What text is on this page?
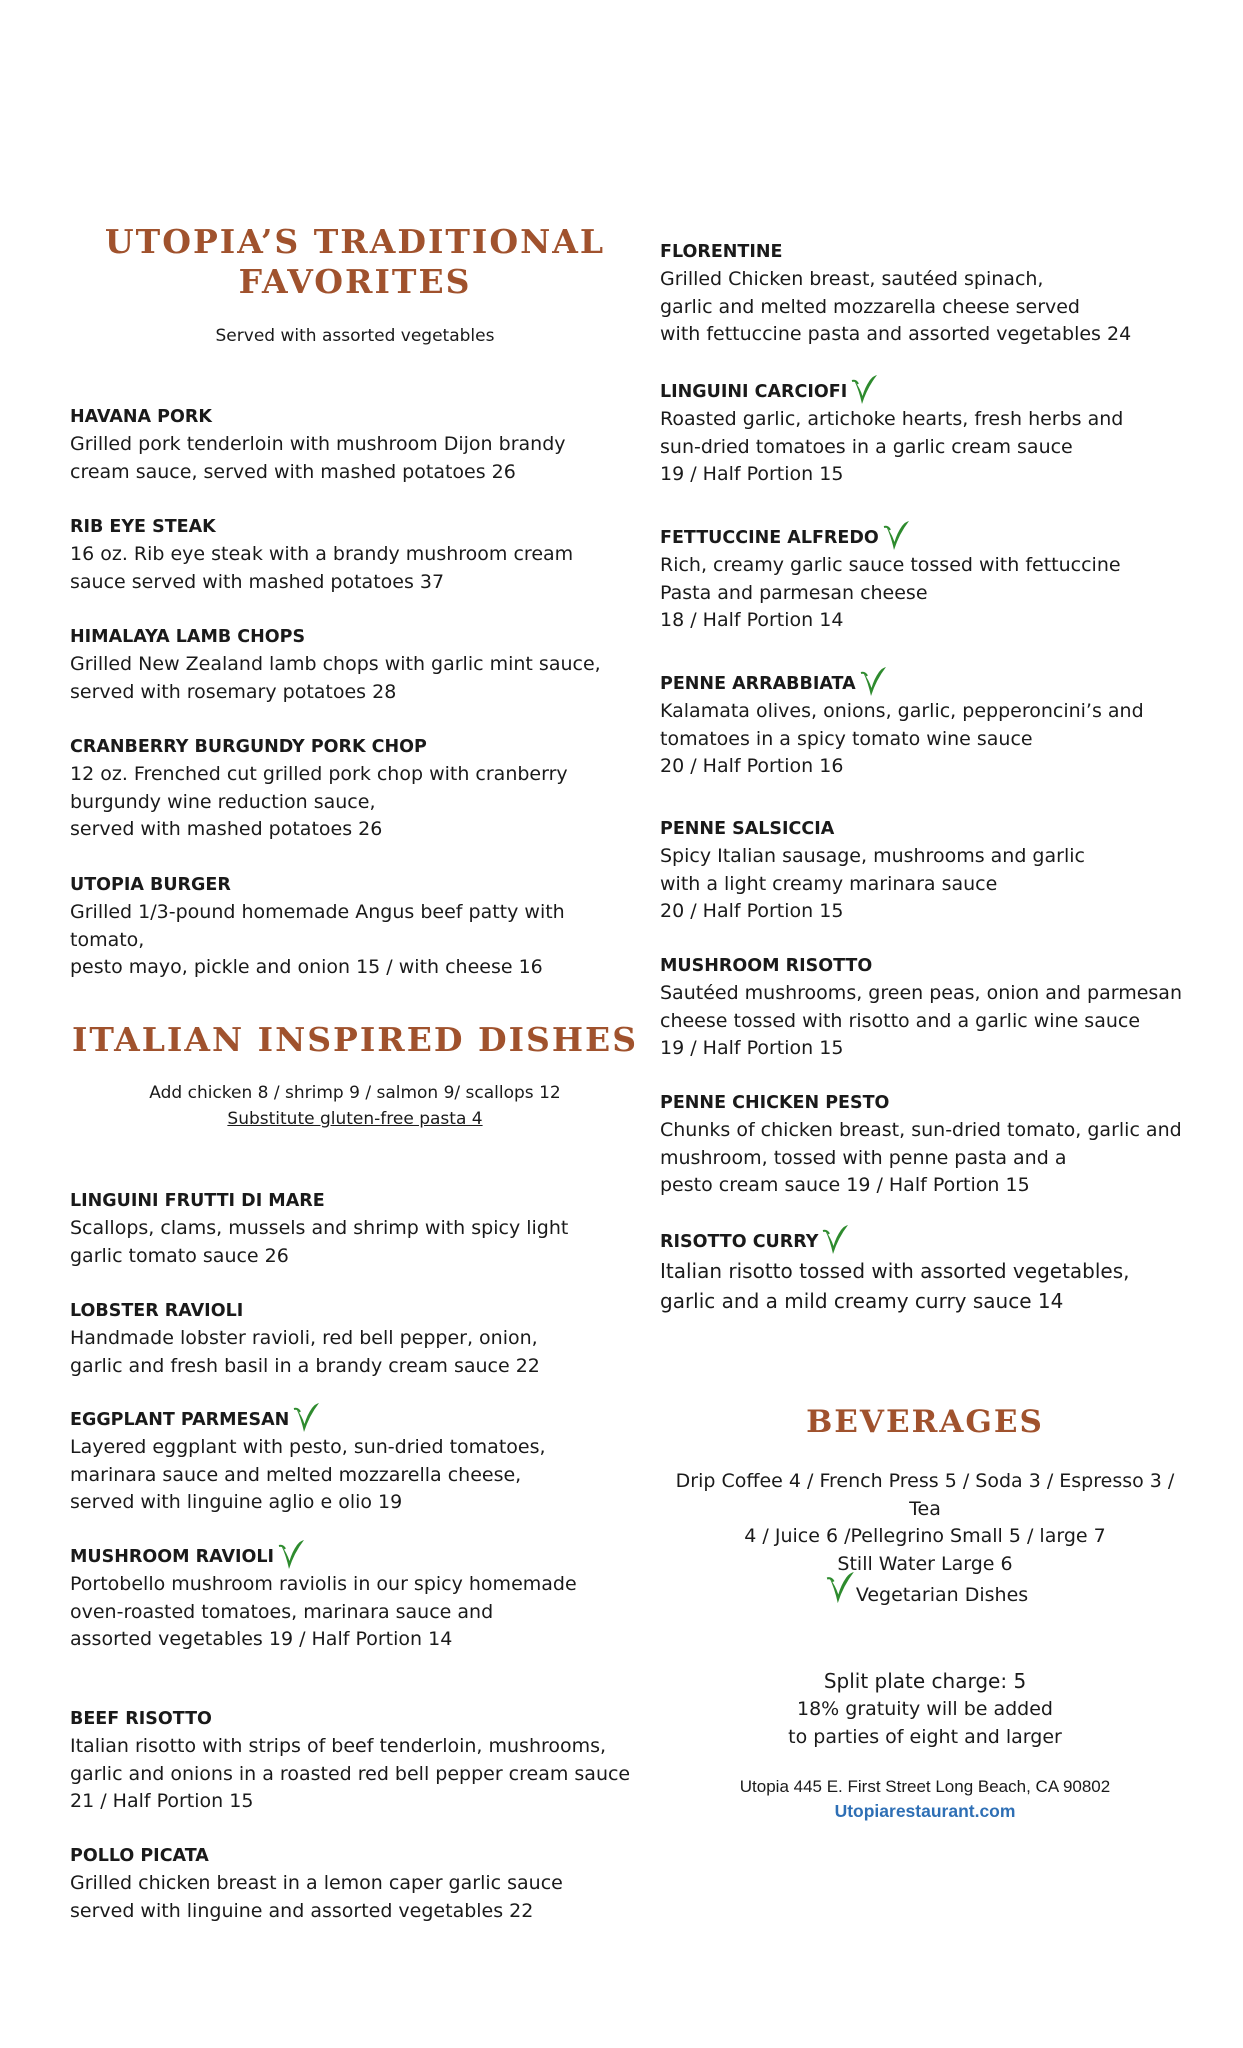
UTOPIA’S TRADITIONAL FAVORITES
Served with assorted vegetables
HAVANA PORK
Grilled pork tenderloin with mushroom Dijon brandy
cream sauce, served with mashed potatoes 26
RIB EYE STEAK
16 oz. Rib eye steak with a brandy mushroom cream
sauce served with mashed potatoes 37
HIMALAYA LAMB CHOPS
Grilled New Zealand lamb chops with garlic mint sauce,
served with rosemary potatoes 28
CRANBERRY BURGUNDY PORK CHOP
12 oz. Frenched cut grilled pork chop with cranberry
burgundy wine reduction sauce,
served with mashed potatoes 26
UTOPIA BURGER
Grilled 1/3-pound homemade Angus beef patty with tomato,
pesto mayo, pickle and onion 15 / with cheese 16
ITALIAN INSPIRED DISHES
Add chicken 8 / shrimp 9 / salmon 9/ scallops 12
Substitute gluten-free pasta 4
LINGUINI FRUTTI DI MARE
Scallops, clams, mussels and shrimp with spicy light
garlic tomato sauce 26
LOBSTER RAVIOLI
Handmade lobster ravioli, red bell pepper, onion,
garlic and fresh basil in a brandy cream sauce 22
EGGPLANT PARMESAN
Layered eggplant with pesto, sun-dried tomatoes,
marinara sauce and melted mozzarella cheese,
served with linguine aglio e olio 19
MUSHROOM RAVIOLI
Portobello mushroom raviolis in our spicy homemade
oven-roasted tomatoes, marinara sauce and
assorted vegetables 19 / Half Portion 14
BEEF RISOTTO
Italian risotto with strips of beef tenderloin, mushrooms,
garlic and onions in a roasted red bell pepper cream sauce
21 / Half Portion 15
POLLO PICATA
Grilled chicken breast in a lemon caper garlic sauce
served with linguine and assorted vegetables 22
FLORENTINE
Grilled Chicken breast, sautéed spinach,
garlic and melted mozzarella cheese served
with fettuccine pasta and assorted vegetables 24
LINGUINI CARCIOFI
Roasted garlic, artichoke hearts, fresh herbs and
sun-dried tomatoes in a garlic cream sauce
19 / Half Portion 15
FETTUCCINE ALFREDO
Rich, creamy garlic sauce tossed with fettuccine
Pasta and parmesan cheese
18 / Half Portion 14
PENNE ARRABBIATA
Kalamata olives, onions, garlic, pepperoncini’s and
tomatoes in a spicy tomato wine sauce
20 / Half Portion 16
PENNE SALSICCIA
Spicy Italian sausage, mushrooms and garlic
with a light creamy marinara sauce
20 / Half Portion 15
MUSHROOM RISOTTO
Sautéed mushrooms, green peas, onion and parmesan
cheese tossed with risotto and a garlic wine sauce
19 / Half Portion 15
PENNE CHICKEN PESTO
Chunks of chicken breast, sun-dried tomato, garlic and
mushroom, tossed with penne pasta and a
pesto cream sauce 19 / Half Portion 15
RISOTTO CURRY
Italian risotto tossed with assorted vegetables,
garlic and a mild creamy curry sauce 14
BEVERAGES
Drip Coffee 4 / French Press 5 / Soda 3 / Espresso 3 / Tea
4 / Juice 6 /Pellegrino Small 5 / large 7
Still Water Large 6
Vegetarian Dishes
Split plate charge: 5
18% gratuity will be added
to parties of eight and larger
Utopia 445 E. First Street Long Beach, CA 90802
Utopiarestaurant.com
